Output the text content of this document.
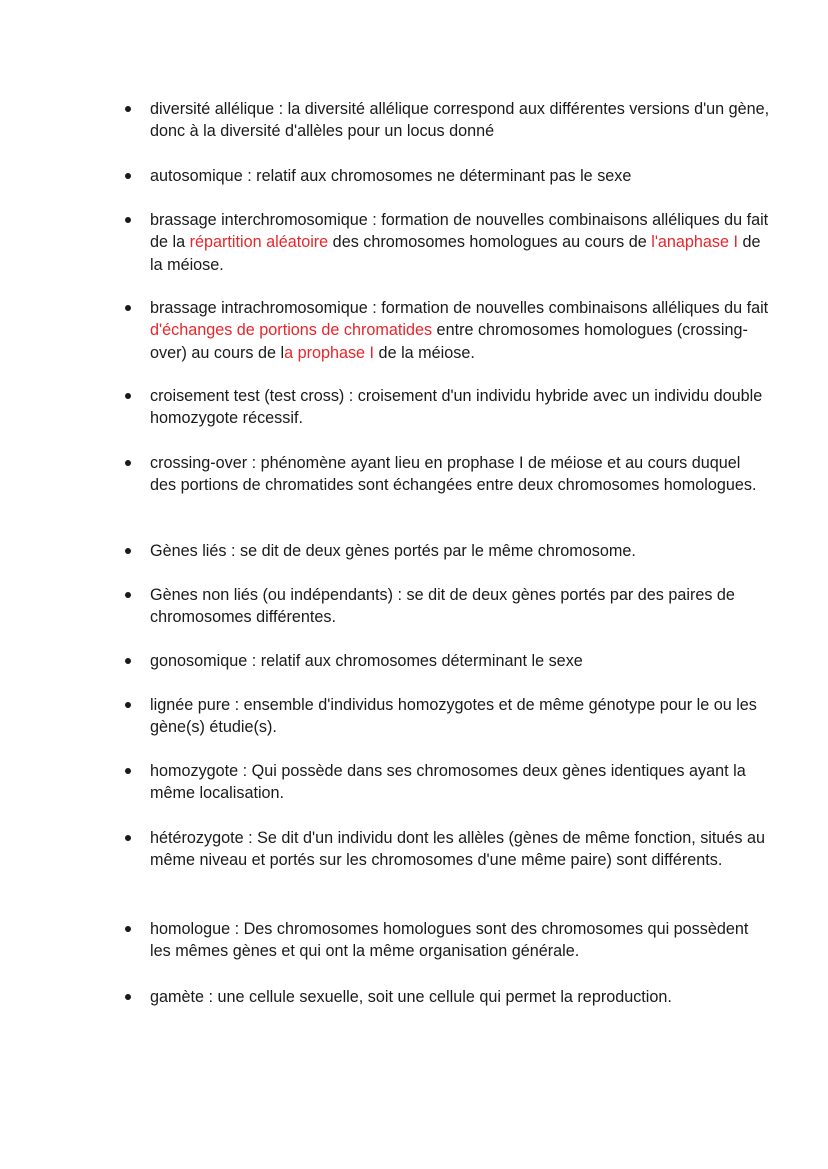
diversité allélique : la diversité allélique correspond aux différentes versions d'un gène, donc à la diversité d'allèles pour un locus donné
autosomique : relatif aux chromosomes ne déterminant pas le sexe
brassage interchromosomique : formation de nouvelles combinaisons alléliques du fait de la répartition aléatoire des chromosomes homologues au cours de l'anaphase I de la méiose.
brassage intrachromosomique : formation de nouvelles combinaisons alléliques du fait d'échanges de portions de chromatides entre chromosomes homologues (crossing-over) au cours de la prophase I de la méiose.
croisement test (test cross) : croisement d'un individu hybride avec un individu double homozygote récessif.
crossing-over : phénomène ayant lieu en prophase I de méiose et au cours duquel des portions de chromatides sont échangées entre deux chromosomes homologues.
Gènes liés : se dit de deux gènes portés par le même chromosome.
Gènes non liés (ou indépendants) : se dit de deux gènes portés par des paires de chromosomes différentes.
gonosomique : relatif aux chromosomes déterminant le sexe
lignée pure : ensemble d'individus homozygotes et de même génotype pour le ou les gène(s) étudie(s).
homozygote : Qui possède dans ses chromosomes deux gènes identiques ayant la même localisation.
hétérozygote : Se dit d'un individu dont les allèles (gènes de même fonction, situés au même niveau et portés sur les chromosomes d'une même paire) sont différents.
homologue : Des chromosomes homologues sont des chromosomes qui possèdent les mêmes gènes et qui ont la même organisation générale.
gamète : une cellule sexuelle, soit une cellule qui permet la reproduction.
